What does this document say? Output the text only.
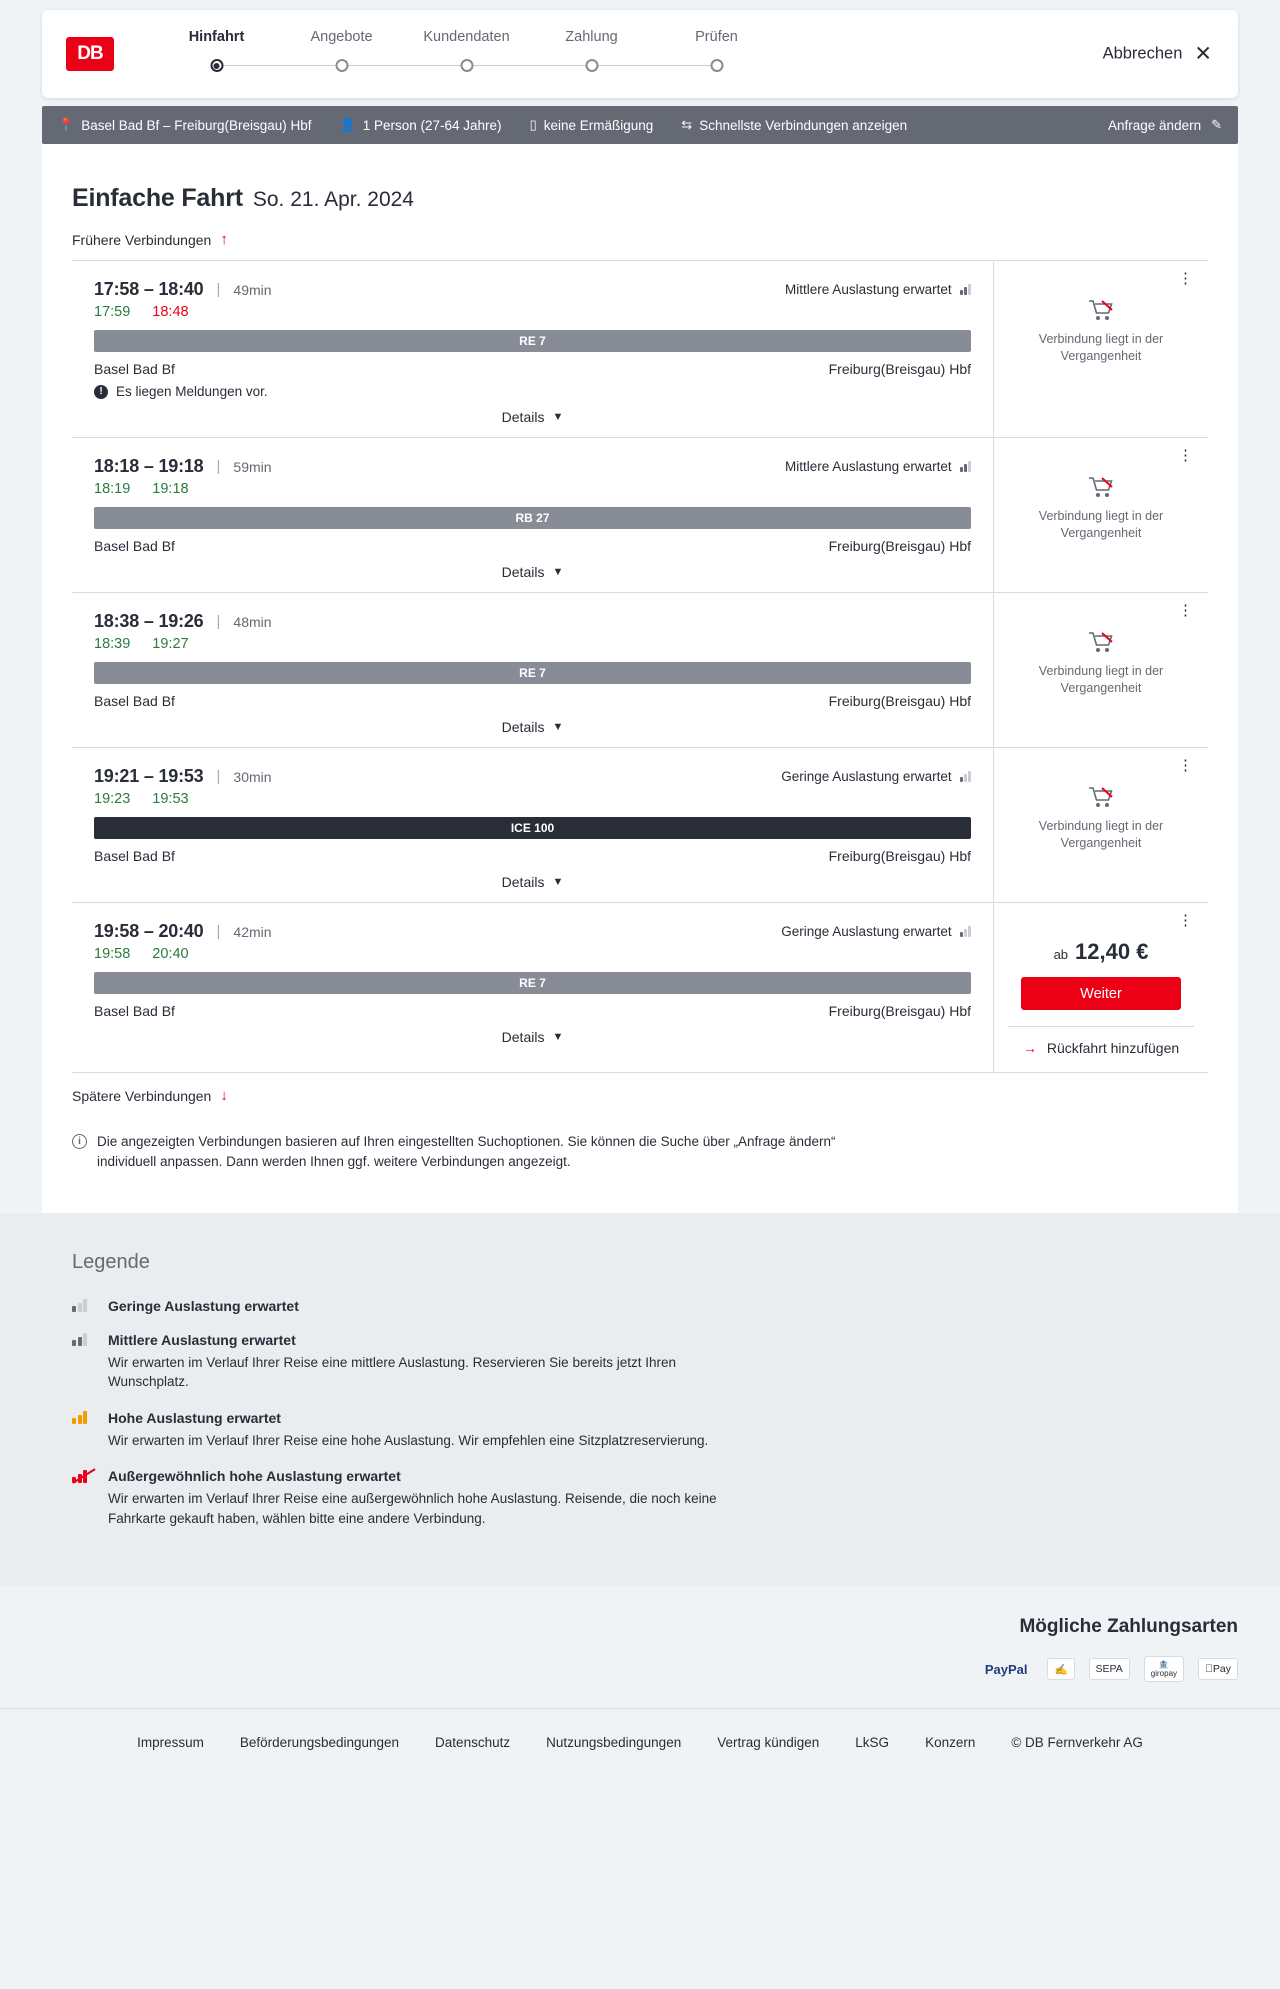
DB
Hinfahrt	Angebote	Kundendaten	Zahlung	Prüfen
Abbrechen ✕
📍 Basel Bad Bf – Freiburg(Breisgau) Hbf 👤 1 Person (27-64 Jahre) ▯ keine Ermäßigung ⇆ Schnellste Verbindungen anzeigen	Anfrage ändern ✎
Einfache Fahrt So. 21. Apr. 2024
Frühere Verbindungen ↑
17:58 – 18:40 | 49min	Mittlere Auslastung erwartet
17:59 18:48
RE 7
Basel Bad Bf	Freiburg(Breisgau) Hbf
! Es liegen Meldungen vor.
Details ▼
⋮
Verbindung liegt in der Vergangenheit
18:18 – 19:18 | 59min	Mittlere Auslastung erwartet
18:19 19:18
RB 27
Basel Bad Bf	Freiburg(Breisgau) Hbf
Details ▼
⋮
Verbindung liegt in der Vergangenheit
18:38 – 19:26 | 48min
18:39 19:27
RE 7
Basel Bad Bf	Freiburg(Breisgau) Hbf
Details ▼
⋮
Verbindung liegt in der Vergangenheit
19:21 – 19:53 | 30min	Geringe Auslastung erwartet
19:23 19:53
ICE 100
Basel Bad Bf	Freiburg(Breisgau) Hbf
Details ▼
⋮
Verbindung liegt in der Vergangenheit
19:58 – 20:40 | 42min	Geringe Auslastung erwartet
19:58 20:40
RE 7
Basel Bad Bf	Freiburg(Breisgau) Hbf
Details ▼
⋮
ab 12,40 €
Weiter
→ Rückfahrt hinzufügen
Spätere Verbindungen ↓
i	Die angezeigten Verbindungen basieren auf Ihren eingestellten Suchoptionen. Sie können die Suche über „Anfrage ändern“ individuell anpassen. Dann werden Ihnen ggf. weitere Verbindungen angezeigt.
Legende
Geringe Auslastung erwartet
Mittlere Auslastung erwartet
Wir erwarten im Verlauf Ihrer Reise eine mittlere Auslastung. Reservieren Sie bereits jetzt Ihren Wunschplatz.
Hohe Auslastung erwartet
Wir erwarten im Verlauf Ihrer Reise eine hohe Auslastung. Wir empfehlen eine Sitzplatzreservierung.
Außergewöhnlich hohe Auslastung erwartet
Wir erwarten im Verlauf Ihrer Reise eine außergewöhnlich hohe Auslastung. Reisende, die noch keine Fahrkarte gekauft haben, wählen bitte eine andere Verbindung.
Mögliche Zahlungsarten
PayPal	✍	SEPA	🏦
giropay	Pay
Impressum	Beförderungsbedingungen	Datenschutz	Nutzungsbedingungen	Vertrag kündigen	LkSG	Konzern	© DB Fernverkehr AG
